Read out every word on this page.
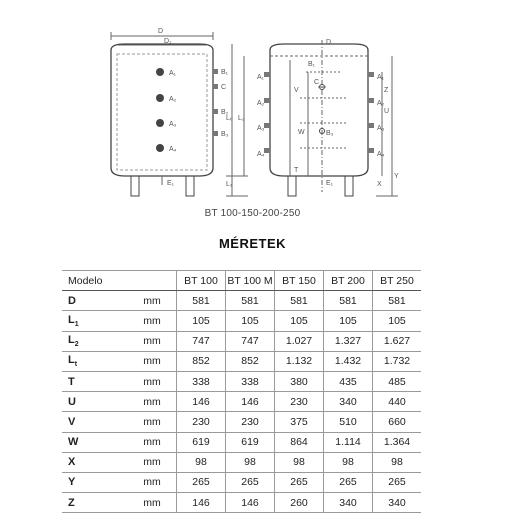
D
D₁
A₁
A₂
A₃
A₄
B₁
C
B₂
B₃
E₁	L₁
L₂
Lₜ
D
B₁
C
B₃
E₁
A₁
A₂
A₃
A₄
A₁
A₂
A₃
A₄
V
T
W
Z
U
X
Y
BT 100-150-200-250
MÉRETEK
Modelo		BT 100	BT 100 M	BT 150	BT 200	BT 250
D	mm	581	581	581	581	581
$L_1$	mm	105	105	105	105	105
$L_2$	mm	747	747	1.027	1.327	1.627
$L_t$	mm	852	852	1.132	1.432	1.732
T	mm	338	338	380	435	485
U	mm	146	146	230	340	440
V	mm	230	230	375	510	660
W	mm	619	619	864	1.114	1.364
X	mm	98	98	98	98	98
Y	mm	265	265	265	265	265
Z	mm	146	146	260	340	340
